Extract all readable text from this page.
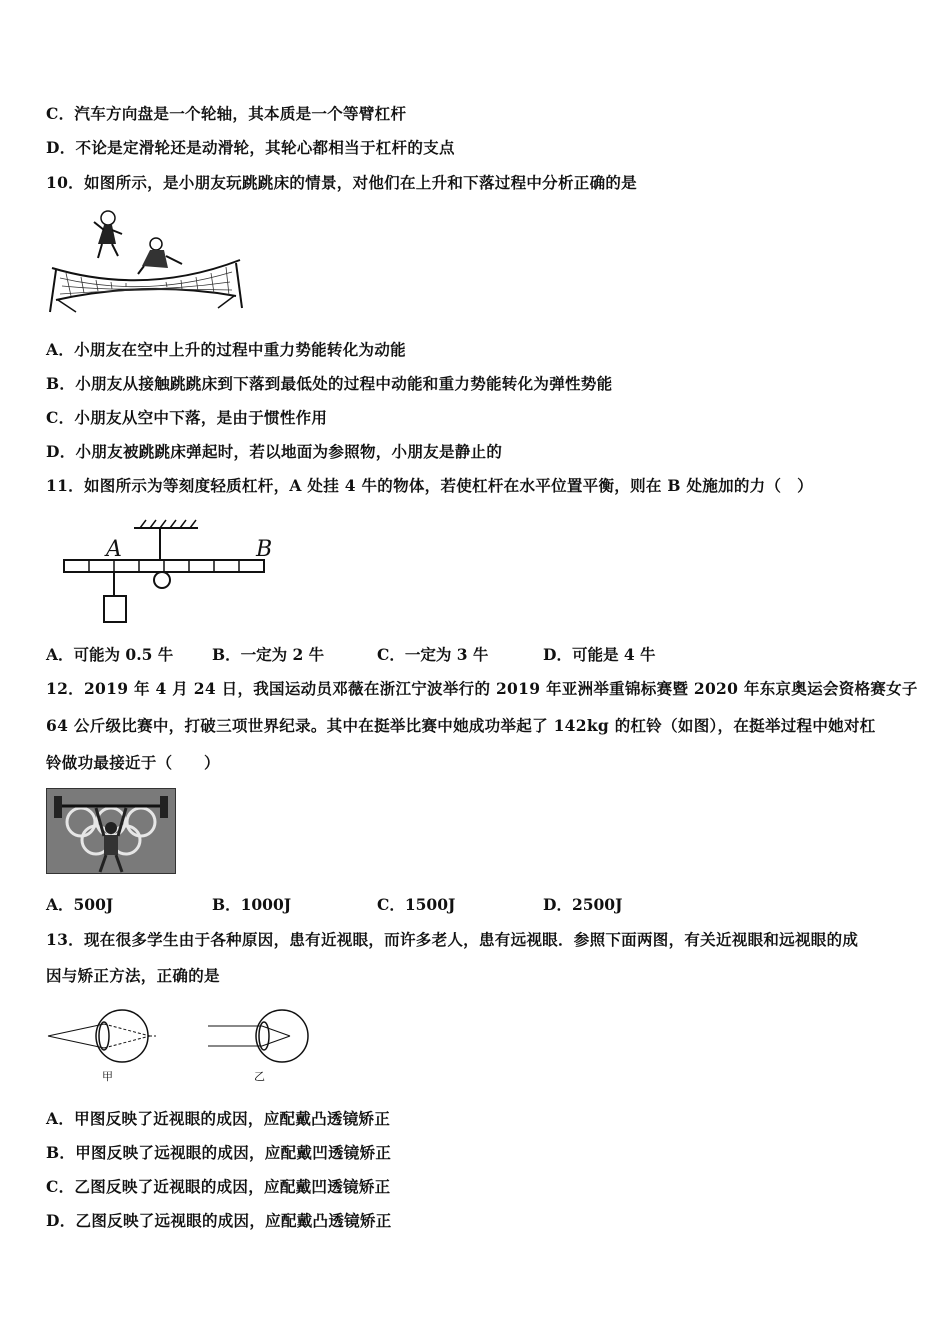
C．汽车方向盘是一个轮轴，其本质是一个等臂杠杆
D．不论是定滑轮还是动滑轮，其轮心都相当于杠杆的支点
10．如图所示，是小朋友玩跳跳床的情景，对他们在上升和下落过程中分析正确的是
A．小朋友在空中上升的过程中重力势能转化为动能
B．小朋友从接触跳跳床到下落到最低处的过程中动能和重力势能转化为弹性势能
C．小朋友从空中下落，是由于惯性作用
D．小朋友被跳跳床弹起时，若以地面为参照物，小朋友是静止的
11．如图所示为等刻度轻质杠杆，A 处挂 4 牛的物体，若使杠杆在水平位置平衡，则在 B 处施加的力（　）
A	B
A．可能为 0.5 牛 B．一定为 2 牛	C．一定为 3 牛	D．可能是 4 牛
12．2019 年 4 月 24 日，我国运动员邓薇在浙江宁波举行的 2019 年亚洲举重锦标赛暨 2020 年东京奥运会资格赛女子
64 公斤级比赛中，打破三项世界纪录。其中在挺举比赛中她成功举起了 142kg 的杠铃（如图），在挺举过程中她对杠
铃做功最接近于（　　）
A．500J	B．1000J	C．1500J	D．2500J
13．现在很多学生由于各种原因，患有近视眼，而许多老人，患有远视眼．参照下面两图，有关近视眼和远视眼的成
因与矫正方法，正确的是
甲	乙
A．甲图反映了近视眼的成因，应配戴凸透镜矫正
B．甲图反映了远视眼的成因，应配戴凹透镜矫正
C．乙图反映了近视眼的成因，应配戴凹透镜矫正
D．乙图反映了远视眼的成因，应配戴凸透镜矫正
